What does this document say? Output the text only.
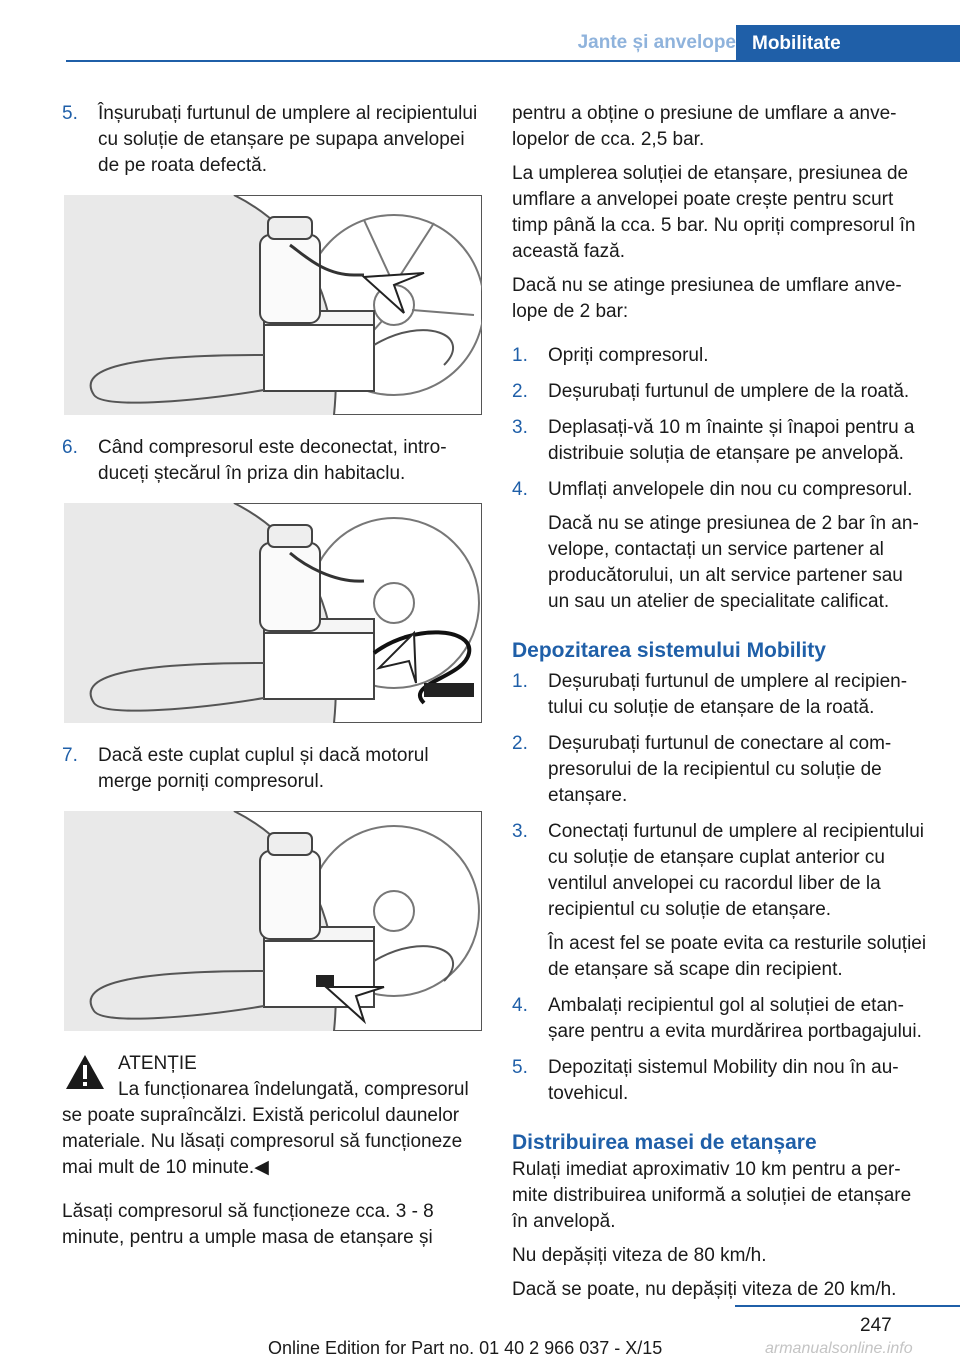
Jante și anvelope Mobilitate
5. Înșurubați furtunul de umplere al recipientului cu soluție de etanșare pe supapa anvelopei de pe roata defectă.
6. Când compresorul este deconectat, introduceți ștecărul în priza din habitaclu.
7. Dacă este cuplat cuplul și dacă motorul merge porniți compresorul.
ATENȚIE
La funcționarea îndelungată, compresorul se poate supraîncălzi. Există pericolul daunelor materiale. Nu lăsați compresorul să funcționeze mai mult de 10 minute.◀

Lăsați compresorul să funcționeze cca. 3 - 8 minute, pentru a umple masa de etanșare și

pentru a obține o presiune de umflare a anvelopelor de cca. 2,5 bar.

La umplerea soluției de etanșare, presiunea de umflare a anvelopei poate crește pentru scurt timp până la cca. 5 bar. Nu opriți compresorul în această fază.

Dacă nu se atinge presiunea de umflare anvelope de 2 bar:

1. Opriți compresorul.
2. Deșurubați furtunul de umplere de la roată.
3. Deplasați-vă 10 m înainte și înapoi pentru a distribuie soluția de etanșare pe anvelopă.
4. Umflați anvelopele din nou cu compresorul.
Dacă nu se atinge presiunea de 2 bar în anvelope, contactați un service partener al producătorului, un alt service partener sau un sau un atelier de specialitate calificat.
Depozitarea sistemului Mobility
1. Deșurubați furtunul de umplere al recipientului cu soluție de etanșare de la roată.
2. Deșurubați furtunul de conectare al compresorului de la recipientul cu soluție de etanșare.
3. Conectați furtunul de umplere al recipientului cu soluție de etanșare cuplat anterior cu ventilul anvelopei cu racordul liber de la recipientul cu soluție de etanșare.
În acest fel se poate evita ca resturile soluției de etanșare să scape din recipient.
4. Ambalați recipientul gol al soluției de etanșare pentru a evita murdărirea portbagajului.
5. Depozitați sistemul Mobility din nou în autovehicul.
Distribuirea masei de etanșare

Rulați imediat aproximativ 10 km pentru a permite distribuirea uniformă a soluției de etanșare în anvelopă.

Nu depășiți viteza de 80 km/h.

Dacă se poate, nu depășiți viteza de 20 km/h.

247
Online Edition for Part no. 01 40 2 966 037 - X/15	armanualsonline.info
